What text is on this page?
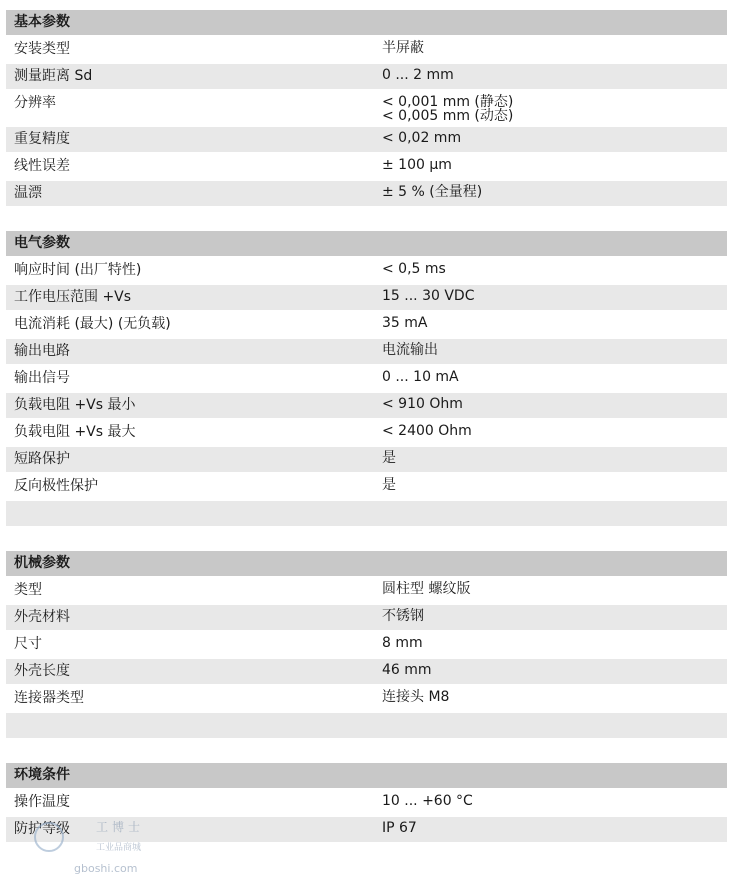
基本参数
安装类型	半屏蔽
测量距离 Sd	0 ... 2 mm
分辨率	< 0,001 mm (静态)
< 0,005 mm (动态)
重复精度	< 0,02 mm
线性误差	± 100 µm
温漂	± 5 % (全量程)
电气参数
响应时间 (出厂特性)	< 0,5 ms
工作电压范围 +Vs	15 ... 30 VDC
电流消耗 (最大) (无负载)	35 mA
输出电路	电流输出
输出信号	0 ... 10 mA
负载电阻 +Vs 最小	< 910 Ohm
负载电阻 +Vs 最大	< 2400 Ohm
短路保护	是
反向极性保护	是
机械参数
类型	圆柱型 螺纹版
外壳材料	不锈钢
尺寸	8 mm
外壳长度	46 mm
连接器类型	连接头 M8
环境条件
操作温度	10 ... +60 °C
防护等级	IP 67
工博士
工业品商城
gboshi.com
